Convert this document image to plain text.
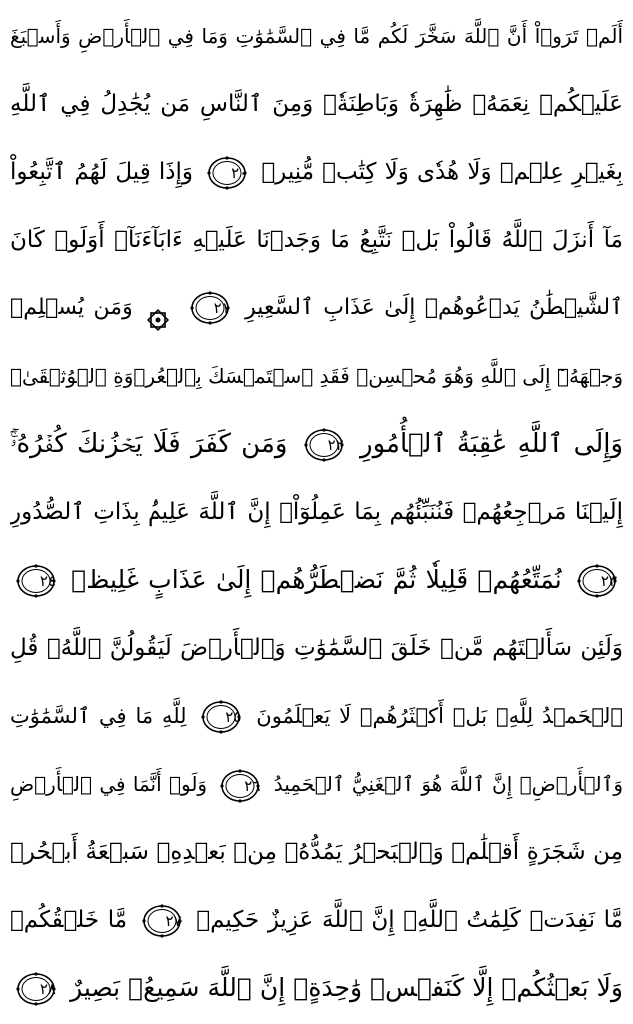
أَلَمۡ تَرَوۡاْ أَنَّ ٱللَّهَ سَخَّرَ لَكُم مَّا فِي ٱلسَّمَٰوَٰتِ وَمَا فِي ٱلۡأَرۡضِ وَأَسۡبَغَ
عَلَيۡكُمۡ نِعَمَهُۥ ظَٰهِرَةٗ وَبَاطِنَةٗۗ وَمِنَ ٱلنَّاسِ مَن يُجَٰدِلُ فِي ٱللَّهِ
بِغَيۡرِ عِلۡمٖ وَلَا هُدٗى وَلَا كِتَٰبٖ مُّنِيرٖ
٢٠
وَإِذَا قِيلَ لَهُمُ ٱتَّبِعُواْ
مَآ أَنزَلَ ٱللَّهُ قَالُواْ بَلۡ نَتَّبِعُ مَا وَجَدۡنَا عَلَيۡهِ ءَابَآءَنَآۚ أَوَلَوۡ كَانَ
ٱلشَّيۡطَٰنُ يَدۡعُوهُمۡ إِلَىٰ عَذَابِ ٱلسَّعِيرِ
٢١
وَمَن يُسۡلِمۡ
وَجۡهَهُۥٓ إِلَى ٱللَّهِ وَهُوَ مُحۡسِنٞ فَقَدِ ٱسۡتَمۡسَكَ بِٱلۡعُرۡوَةِ ٱلۡوُثۡقَىٰۗ
وَإِلَى ٱللَّهِ عَٰقِبَةُ ٱلۡأُمُورِ
٢٢
وَمَن كَفَرَ فَلَا يَحۡزُنكَ كُفۡرُهُۥٓۚ
إِلَيۡنَا مَرۡجِعُهُمۡ فَنُنَبِّئُهُم بِمَا عَمِلُوٓاْۚ إِنَّ ٱللَّهَ عَلِيمُۢ بِذَاتِ ٱلصُّدُورِ
٢٣
نُمَتِّعُهُمۡ قَلِيلٗا ثُمَّ نَضۡطَرُّهُمۡ إِلَىٰ عَذَابٍ غَلِيظٖ
٢٤
وَلَئِن سَأَلۡتَهُم مَّنۡ خَلَقَ ٱلسَّمَٰوَٰتِ وَٱلۡأَرۡضَ لَيَقُولُنَّ ٱللَّهُۚ قُلِ
ٱلۡحَمۡدُ لِلَّهِۚ بَلۡ أَكۡثَرُهُمۡ لَا يَعۡلَمُونَ
٢٥
لِلَّهِ مَا فِي ٱلسَّمَٰوَٰتِ
وَٱلۡأَرۡضِۚ إِنَّ ٱللَّهَ هُوَ ٱلۡغَنِيُّ ٱلۡحَمِيدُ
٢٦
وَلَوۡ أَنَّمَا فِي ٱلۡأَرۡضِ
مِن شَجَرَةٍ أَقۡلَٰمٞ وَٱلۡبَحۡرُ يَمُدُّهُۥ مِنۢ بَعۡدِهِۦ سَبۡعَةُ أَبۡحُرٖ
مَّا نَفِدَتۡ كَلِمَٰتُ ٱللَّهِۚ إِنَّ ٱللَّهَ عَزِيزٌ حَكِيمٞ
٢٧
مَّا خَلۡقُكُمۡ
وَلَا بَعۡثُكُمۡ إِلَّا كَنَفۡسٖ وَٰحِدَةٍۚ إِنَّ ٱللَّهَ سَمِيعُۢ بَصِيرٌ
٢٨
